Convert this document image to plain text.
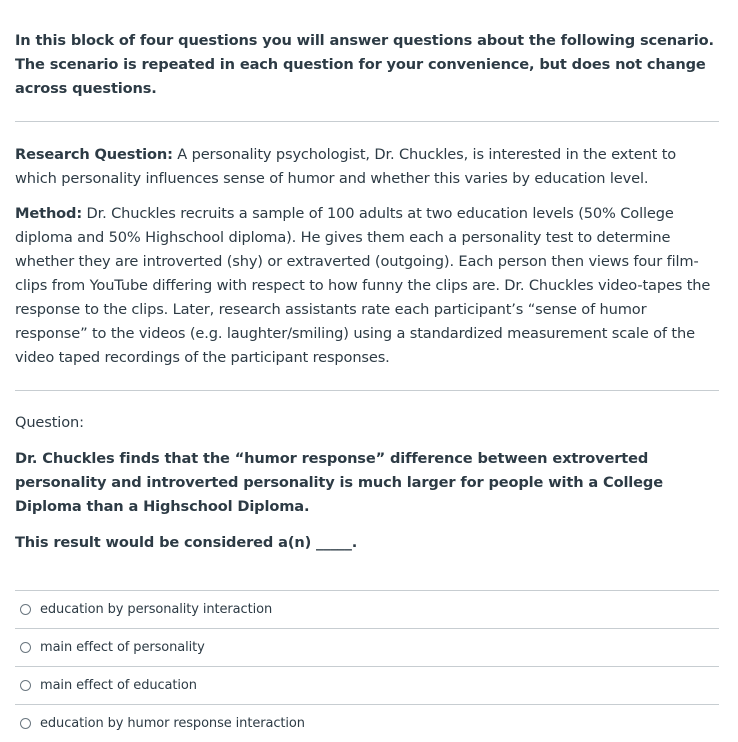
In this block of four questions you will answer questions about the following scenario. The scenario is repeated in each question for your convenience, but does not change across questions.

Research Question: A personality psychologist, Dr. Chuckles, is interested in the extent to which personality influences sense of humor and whether this varies by education level.

Method: Dr. Chuckles recruits a sample of 100 adults at two education levels (50% College diploma and 50% Highschool diploma). He gives them each a personality test to determine whether they are introverted (shy) or extraverted (outgoing). Each person then views four film-clips from YouTube differing with respect to how funny the clips are. Dr. Chuckles video-tapes the response to the clips. Later, research assistants rate each participant’s “sense of humor response” to the videos (e.g. laughter/smiling) using a standardized measurement scale of the video taped recordings of the participant responses.

Question:

Dr. Chuckles finds that the “humor response” difference between extroverted personality and introverted personality is much larger for people with a College Diploma than a Highschool Diploma.

This result would be considered a(n) _____.

education by personality interaction
main effect of personality
main effect of education
education by humor response interaction
